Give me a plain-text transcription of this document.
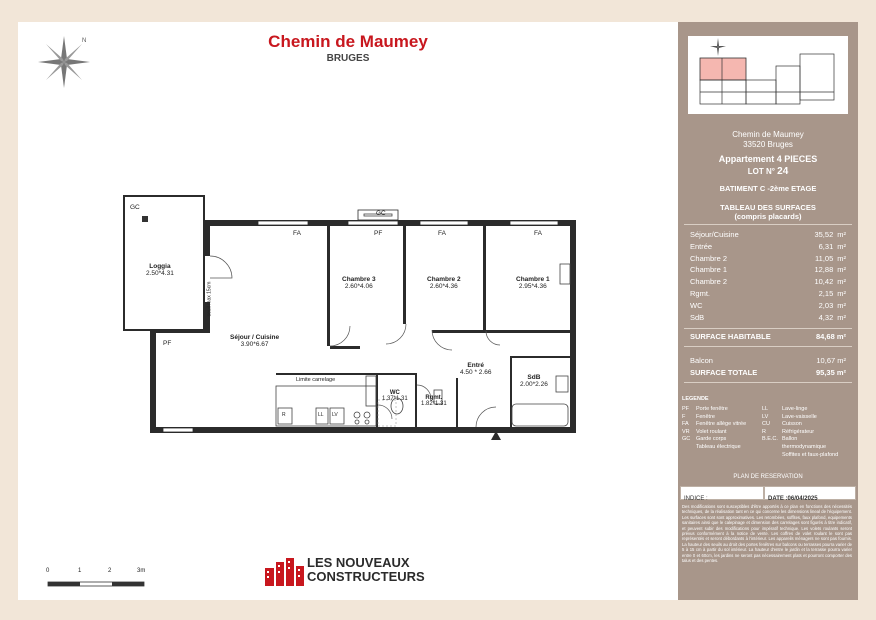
Chemin de Maumey
BRUGES
N
GC
GC
FA	PF	FA	FA
PF
seuil max 15cm
Loggia
2.50*4.31
Séjour / Cuisine
3.90*6.67
Chambre 3
2.60*4.06
Chambre 2
2.60*4.36
Chambre 1
2.95*4.36
Entré
4.50 * 2.66
SdB
2.00*2.26
WC
1.37*1.31	Rgmt.
1.82*1.31
Limite carrelage
R	LL LV
0	1	2	3m
LES NOUVEAUX
CONSTRUCTEURS
Chemin de Maumey
33520 Bruges
Appartement 4 PIECES
LOT N° 24
BATIMENT C -2ème ETAGE
TABLEAU DES SURFACES
(compris placards)
Séjour/Cuisine	35,52 m²
Entrée	6,31 m²
Chambre 2	11,05 m²
Chambre 1	12,88 m²
Chambre 2	10,42 m²
Rgmt.	2,15 m²
WC	2,03 m²
SdB	4,32 m²
SURFACE HABITABLE	84,68 m²
Balcon	10,67 m²
SURFACE TOTALE	95,35 m²
LEGENDE
PF Porte fenêtre
F Fenêtre
FA Fenêtre allège vitrée
VR Volet roulant
GC Garde corps
Tableau électrique
LL	Lave-linge
LV Lave-vaisselle
CU Cuisson
R	Réfrigérateur
B.E.C. Ballon
thermodynamique
Soffites et faux-plafond
PLAN DE RESERVATION
INDICE :	DATE :06/04/2025
Des modifications sont susceptibles d'être apportés à ce plan en fonctions des nécessités techniques, de la réalisation tant en ce qui concerne les dimensions lineal de l'équipement. Les surfaces sont sont approximatives. Les retombées, soffites, faux plafond, equipements sanitaires ainsi que le calepinage et dimension des carrelages sont figurés à titre indicatif, et peuvent subir des modifications pour impératif technique. Les volets roulants seront prévus conformément à la notice de vente. Les coffres de volet roulant le sont pas représentés et seront débordants à l'intérieur. Les appareils ménagers ne sont pas fournis. La hauteur des seuils au droit des portes fenêtres sur balcons ou terrasses pourra varier de 5 à 15 cm à partir du sol intérieur. La hauteur d'entre le jardin et la terrasse pourra varier entre 0 et 60cm, les jardins ne seront pas nécessairement plats et pourront comporter des talus et des pentes.
